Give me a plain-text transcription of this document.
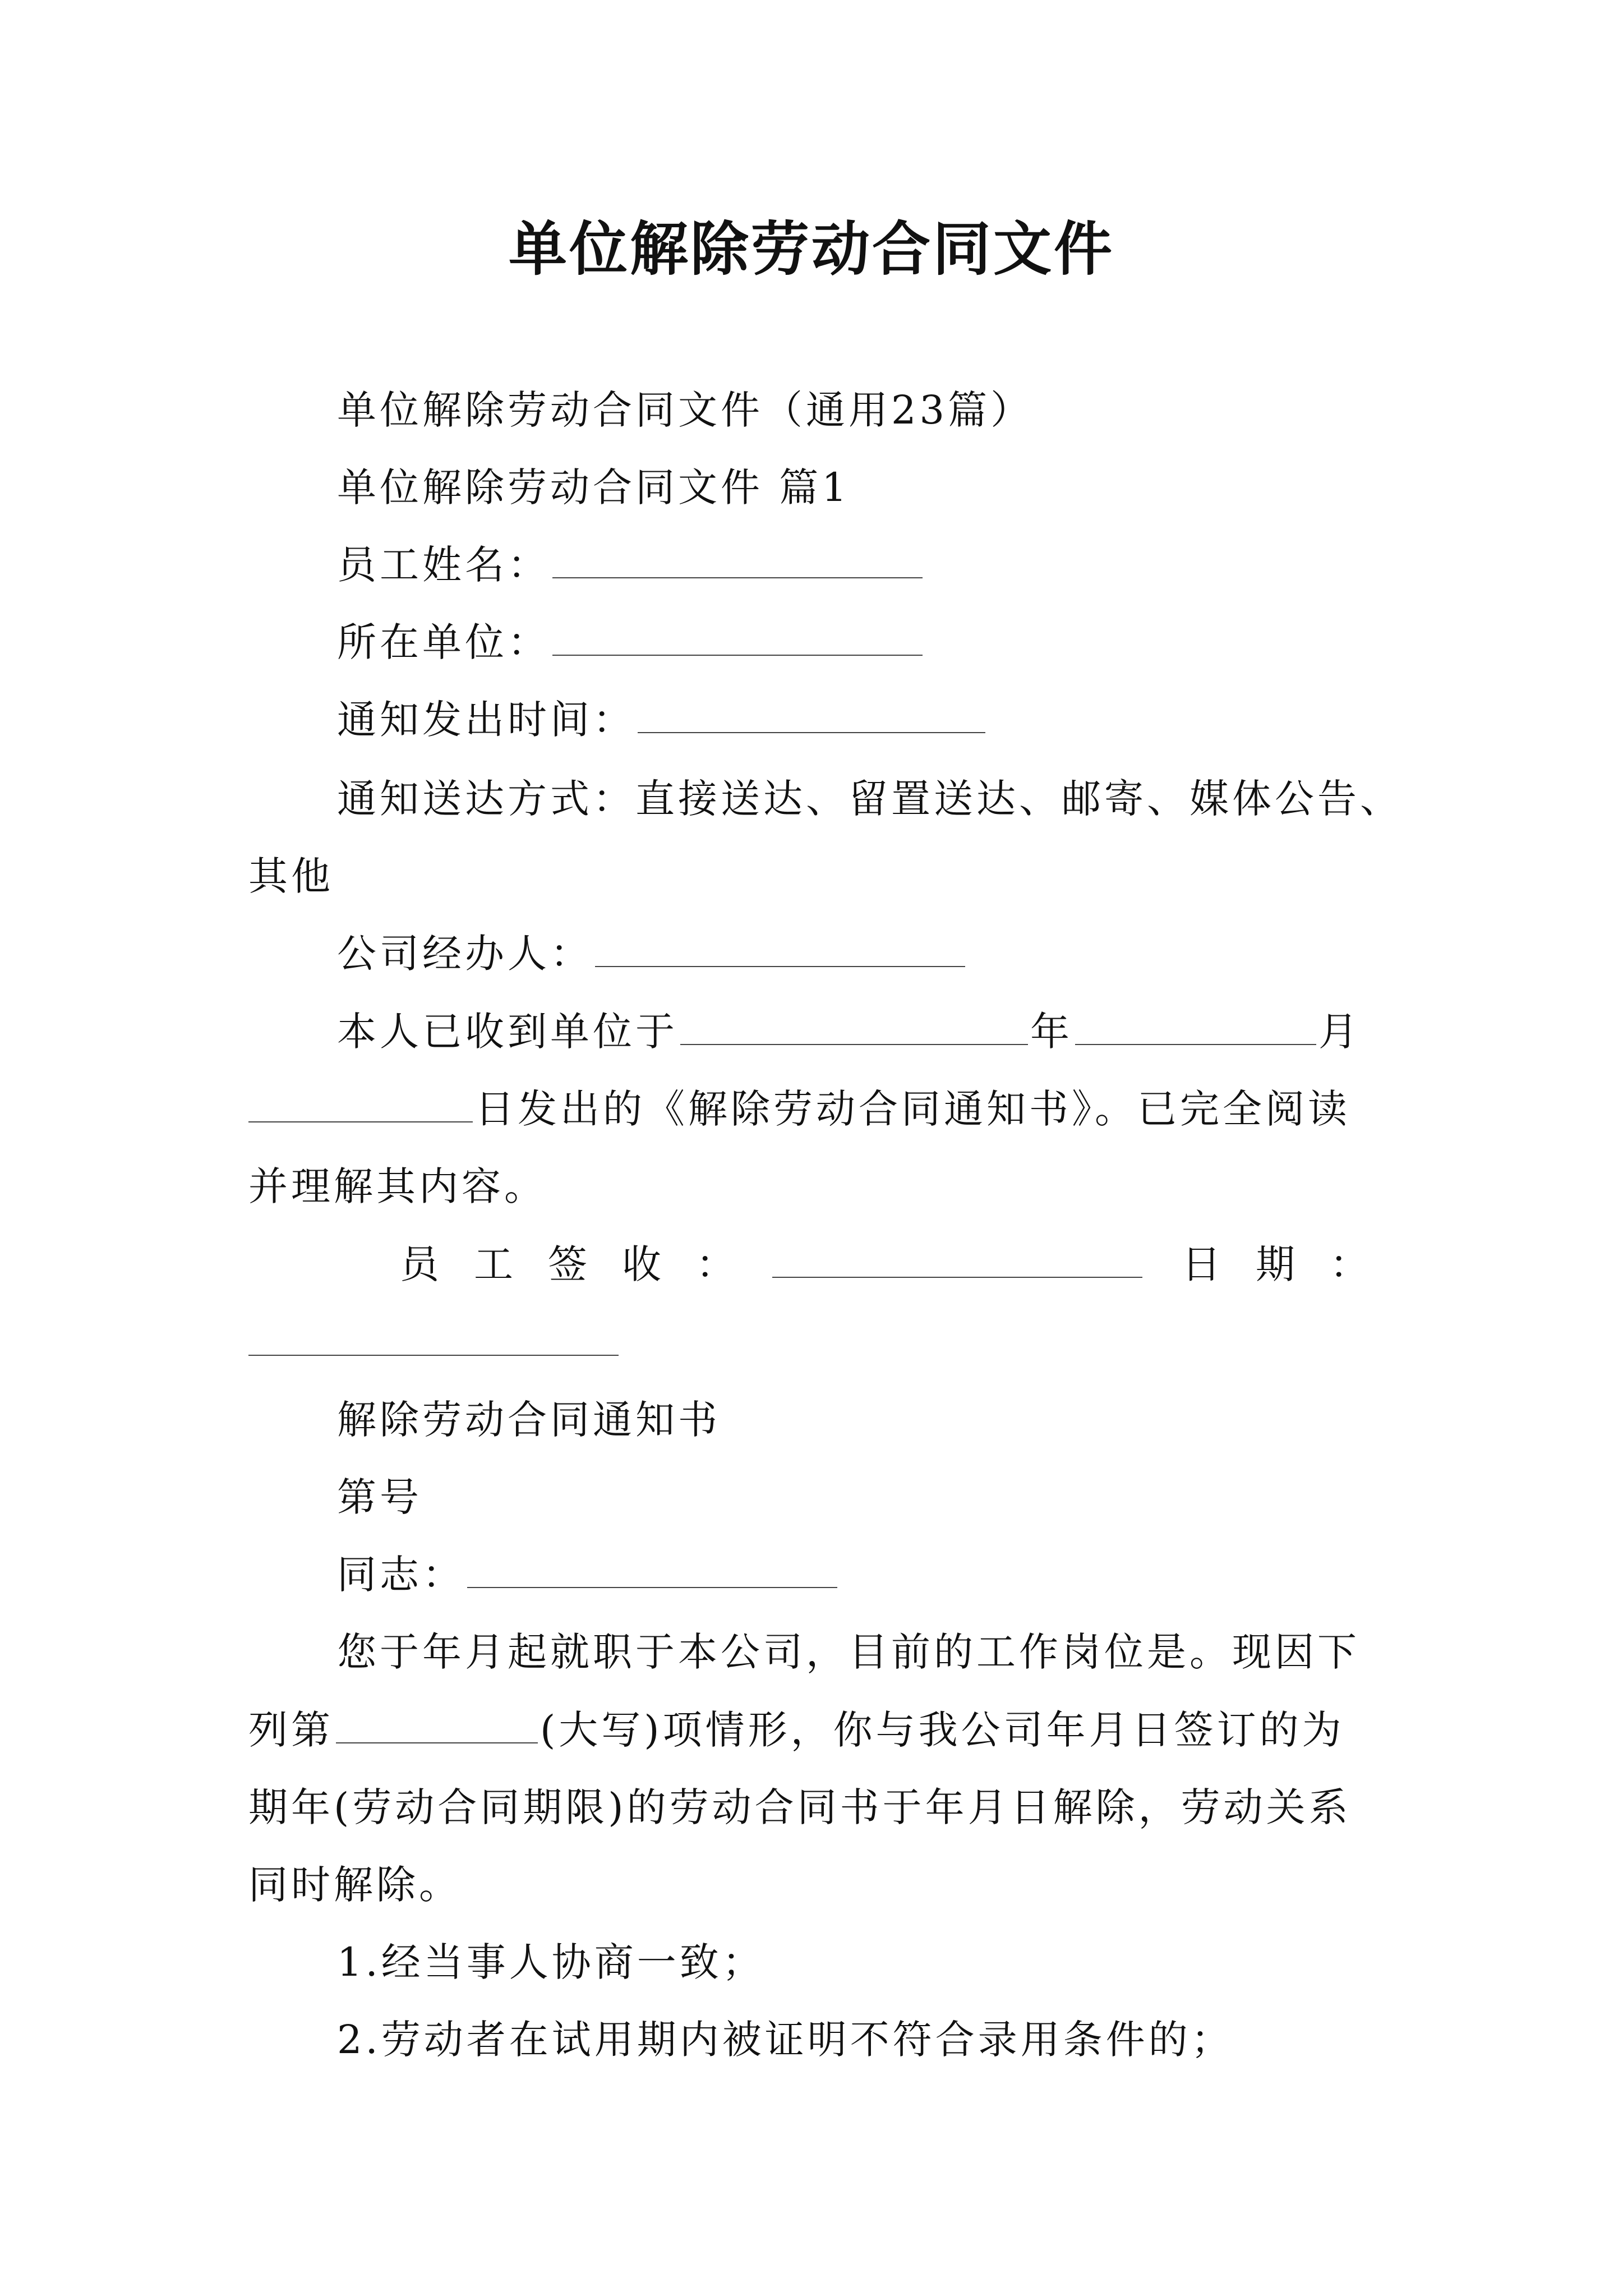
单位解除劳动合同文件
单位解除劳动合同文件（通用23篇）
单位解除劳动合同文件 篇1
员工姓名：
所在单位：
通知发出时间：
通知送达方式：直接送达、留置送达、邮寄、媒体公告、
其他
公司经办人：
本人已收到单位于	年	月
日发出的《解除劳动合同通知书》。已完全阅读
并理解其内容。
员工签收：	日期：
解除劳动合同通知书
第号
同志：
您于年月起就职于本公司，目前的工作岗位是。现因下
列第	(大写)项情形，你与我公司年月日签订的为
期年(劳动合同期限)的劳动合同书于年月日解除，劳动关系
同时解除。
1.经当事人协商一致；
2.劳动者在试用期内被证明不符合录用条件的；
